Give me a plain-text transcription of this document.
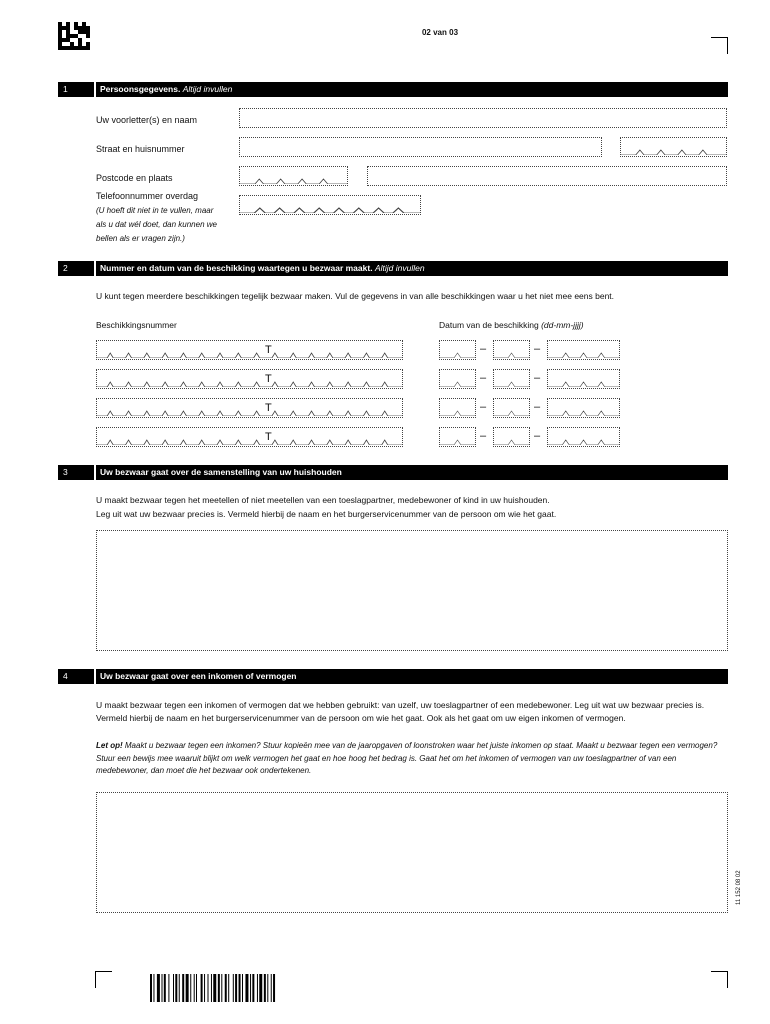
02 van 03
1	Persoonsgegevens. Altijd invullen
Uw voorletter(s) en naam
Straat en huisnummer
Postcode en plaats
Telefoonnummer overdag
(U hoeft dit niet in te vullen, maar
als u dat wél doet, dan kunnen we
bellen als er vragen zijn.)
2	Nummer en datum van de beschikking waartegen u bezwaar maakt. Altijd invullen
U kunt tegen meerdere beschikkingen tegelijk bezwaar maken. Vul de gegevens in van alle beschikkingen waar u het niet mee eens bent.
Beschikkingsnummer	Datum van de beschikking (dd-mm-jjjj)
T	–	–
T	–	–
T	–	–
T	–	–
3	Uw bezwaar gaat over de samenstelling van uw huishouden
U maakt bezwaar tegen het meetellen of niet meetellen van een toeslagpartner, medebewoner of kind in uw huishouden.
Leg uit wat uw bezwaar precies is. Vermeld hierbij de naam en het burgerservicenummer van de persoon om wie het gaat.
4	Uw bezwaar gaat over een inkomen of vermogen
U maakt bezwaar tegen een inkomen of vermogen dat we hebben gebruikt: van uzelf, uw toeslagpartner of een medebewoner. Leg uit wat uw bezwaar precies is. Vermeld hierbij de naam en het burgerservicenummer van de persoon om wie het gaat. Ook als het gaat om uw eigen inkomen of vermogen.
Let op! Maakt u bezwaar tegen een inkomen? Stuur kopieën mee van de jaaropgaven of loonstroken waar het juiste inkomen op staat. Maakt u bezwaar tegen een vermogen? Stuur een bewijs mee waaruit blijkt om welk vermogen het gaat en hoe hoog het bedrag is. Gaat het om het inkomen of vermogen van uw toeslagpartner of van een medebewoner, dan moet die het bezwaar ook ondertekenen.
11 152 08 02
